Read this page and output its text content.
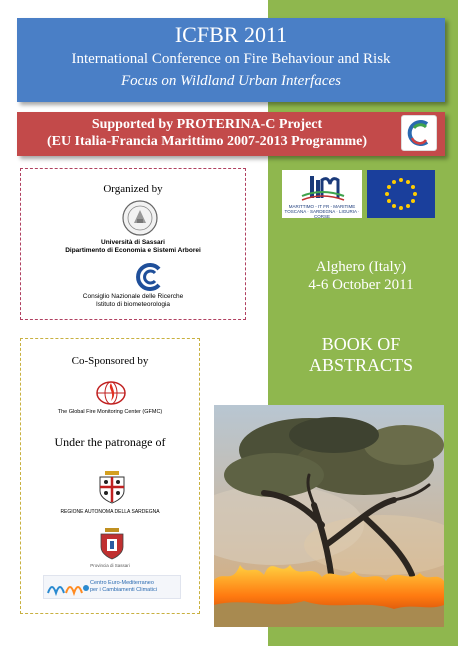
ICFBR 2011
International Conference on Fire Behaviour and Risk
Focus on Wildland Urban Interfaces
Supported by PROTERINA-C Project
(EU Italia-Francia Marittimo 2007-2013 Programme)
Organized by
Università di Sassari
Dipartimento di Economia e Sistemi Arborei
Consiglio Nazionale delle Ricerche
Istituto di biometeorologia
Co-Sponsored by
The Global Fire Monitoring Center (GFMC)
Under the patronage of
REGIONE AUTONOMA DELLA SARDEGNA
Provincia di Sassari
Centro Euro-Mediterraneo
per i Cambiamenti Climatici
MARITTIMO - IT FR - MARITIME
TOSCANA · SARDEGNA · LIGURIA · CORSE
Alghero (Italy)
4-6 October 2011
BOOK OF
ABSTRACTS
